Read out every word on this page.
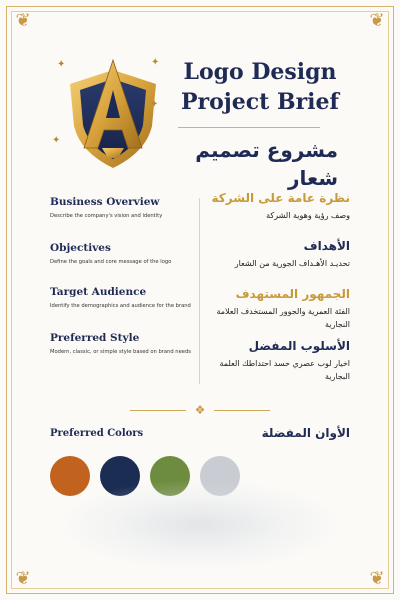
❦	❦
❦	❦
✦	✦
✦
✦
Logo Design
Project Brief
مشروع تصميم شعار
Business Overview
Describe the company's vision and identity
Objectives
Define the goals and core message of the logo
Target Audience
Identify the demographics and audience for the brand
Preferred Style
Modern, classic, or simple style based on brand needs
نظرة عامة على الشركة
وصف رؤية وهوية الشركة
الأهداف
تحديـد الأهـداف الجورية من الشعار
الجمهور المستهدف
الفئة العمرية والجوور المستخدف العلامة النجارية
الأسلوب المفضل
اخيار لوب عصري حسد احتداطك العلمة البجارية
❖
Preferred Colors	الأوان المفضلة
